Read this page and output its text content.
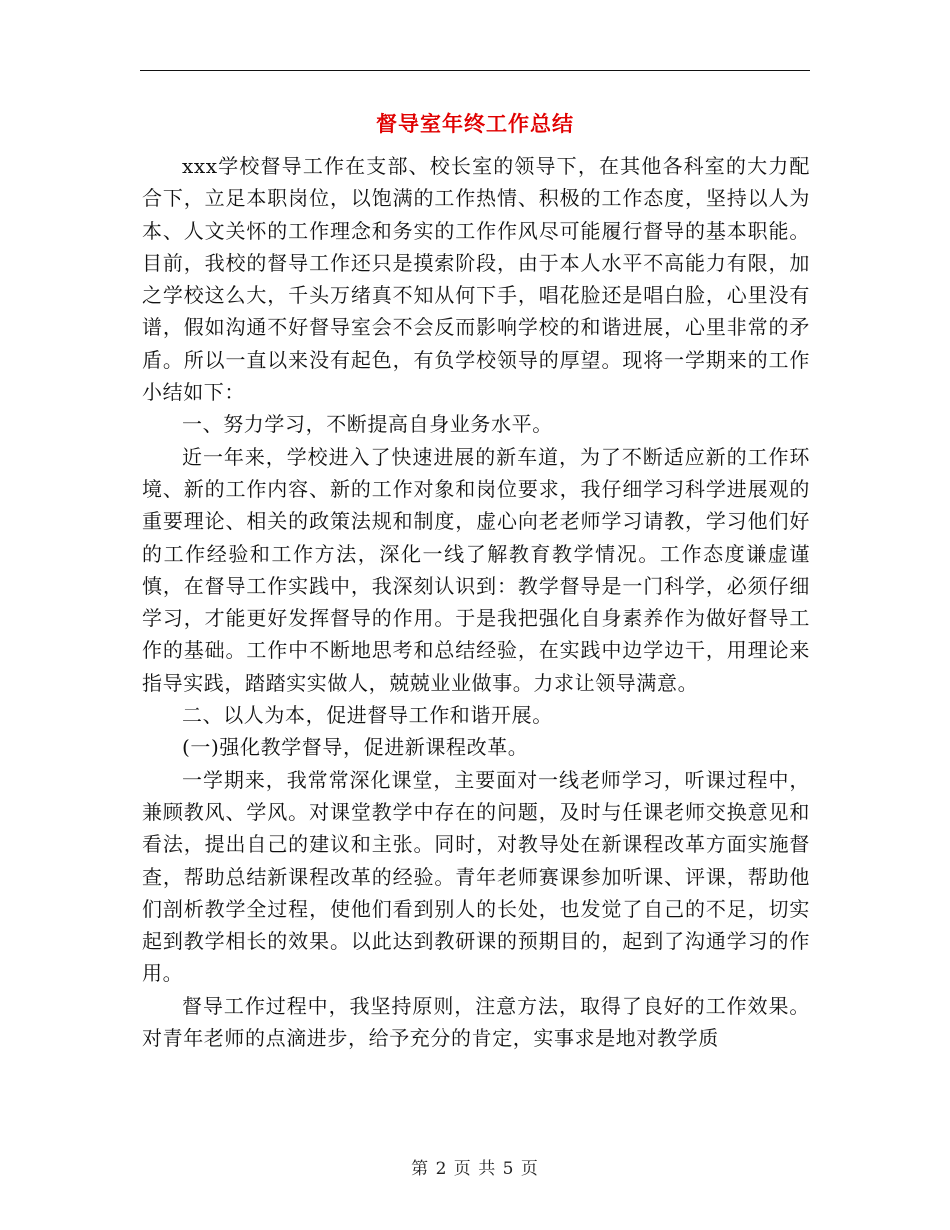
督导室年终工作总结

xxx学校督导工作在支部、校长室的领导下，在其他各科室的大力配合下，立足本职岗位，以饱满的工作热情、积极的工作态度，坚持以人为本、人文关怀的工作理念和务实的工作作风尽可能履行督导的基本职能。目前，我校的督导工作还只是摸索阶段，由于本人水平不高能力有限，加之学校这么大，千头万绪真不知从何下手，唱花脸还是唱白脸，心里没有谱，假如沟通不好督导室会不会反而影响学校的和谐进展，心里非常的矛盾。所以一直以来没有起色，有负学校领导的厚望。现将一学期来的工作小结如下：

一、努力学习，不断提高自身业务水平。

近一年来，学校进入了快速进展的新车道，为了不断适应新的工作环境、新的工作内容、新的工作对象和岗位要求，我仔细学习科学进展观的重要理论、相关的政策法规和制度，虚心向老老师学习请教，学习他们好的工作经验和工作方法，深化一线了解教育教学情况。工作态度谦虚谨慎，在督导工作实践中，我深刻认识到：教学督导是一门科学，必须仔细学习，才能更好发挥督导的作用。于是我把强化自身素养作为做好督导工作的基础。工作中不断地思考和总结经验，在实践中边学边干，用理论来指导实践，踏踏实实做人，兢兢业业做事。力求让领导满意。

二、以人为本，促进督导工作和谐开展。

(一)强化教学督导，促进新课程改革。

一学期来，我常常深化课堂，主要面对一线老师学习，听课过程中，兼顾教风、学风。对课堂教学中存在的问题，及时与任课老师交换意见和看法，提出自己的建议和主张。同时，对教导处在新课程改革方面实施督查，帮助总结新课程改革的经验。青年老师赛课参加听课、评课，帮助他们剖析教学全过程，使他们看到别人的长处，也发觉了自己的不足，切实起到教学相长的效果。以此达到教研课的预期目的，起到了沟通学习的作用。

督导工作过程中，我坚持原则，注意方法，取得了良好的工作效果。对青年老师的点滴进步，给予充分的肯定，实事求是地对教学质

第 2 页 共 5 页
